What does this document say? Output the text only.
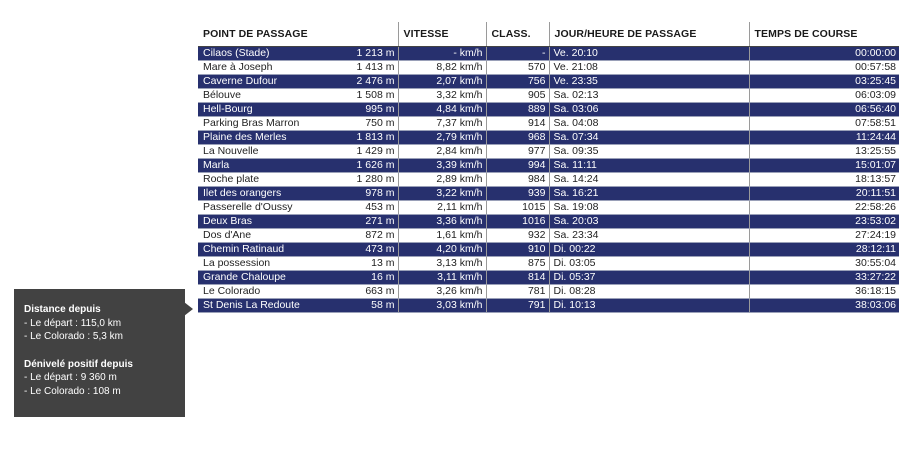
POINT DE PASSAGE		VITESSE	CLASS.	JOUR/HEURE DE PASSAGE	TEMPS DE COURSE
Cilaos (Stade)	1 213 m	- km/h	-	Ve. 20:10	00:00:00
Mare à Joseph	1 413 m	8,82 km/h	570	Ve. 21:08	00:57:58
Caverne Dufour	2 476 m	2,07 km/h	756	Ve. 23:35	03:25:45
Bélouve	1 508 m	3,32 km/h	905	Sa. 02:13	06:03:09
Hell-Bourg	995 m	4,84 km/h	889	Sa. 03:06	06:56:40
Parking Bras Marron	750 m	7,37 km/h	914	Sa. 04:08	07:58:51
Plaine des Merles	1 813 m	2,79 km/h	968	Sa. 07:34	11:24:44
La Nouvelle	1 429 m	2,84 km/h	977	Sa. 09:35	13:25:55
Marla	1 626 m	3,39 km/h	994	Sa. 11:11	15:01:07
Roche plate	1 280 m	2,89 km/h	984	Sa. 14:24	18:13:57
Ilet des orangers	978 m	3,22 km/h	939	Sa. 16:21	20:11:51
Passerelle d'Oussy	453 m	2,11 km/h	1015	Sa. 19:08	22:58:26
Deux Bras	271 m	3,36 km/h	1016	Sa. 20:03	23:53:02
Dos d'Ane	872 m	1,61 km/h	932	Sa. 23:34	27:24:19
Chemin Ratinaud	473 m	4,20 km/h	910	Di. 00:22	28:12:11
La possession	13 m	3,13 km/h	875	Di. 03:05	30:55:04
Grande Chaloupe	16 m	3,11 km/h	814	Di. 05:37	33:27:22
Le Colorado	663 m	3,26 km/h	781	Di. 08:28	36:18:15
St Denis La Redoute	58 m	3,03 km/h	791	Di. 10:13	38:03:06
Distance depuis
- Le départ : 115,0 km
- Le Colorado : 5,3 km
Dénivelé positif depuis
- Le départ : 9 360 m
- Le Colorado : 108 m
